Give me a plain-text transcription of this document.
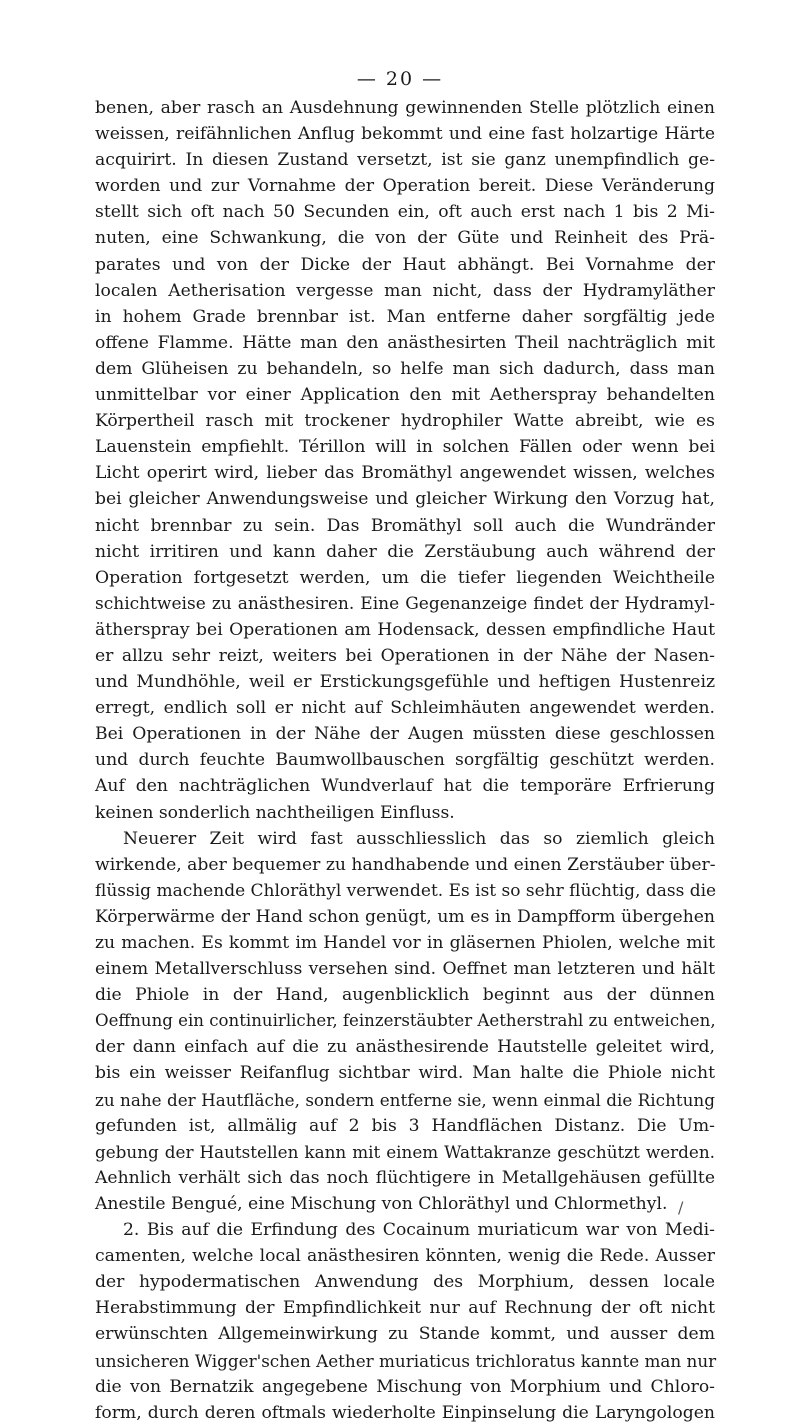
— 20 —
benen, aber rasch an Ausdehnung gewinnenden Stelle plötzlich einen
weissen, reifähnlichen Anflug bekommt und eine fast holzartige Härte
acquirirt. In diesen Zustand versetzt, ist sie ganz unempfindlich ge-
worden und zur Vornahme der Operation bereit. Diese Veränderung
stellt sich oft nach 50 Secunden ein, oft auch erst nach 1 bis 2 Mi-
nuten, eine Schwankung, die von der Güte und Reinheit des Prä-
parates und von der Dicke der Haut abhängt. Bei Vornahme der
localen Aetherisation vergesse man nicht, dass der Hydramyläther
in hohem Grade brennbar ist. Man entferne daher sorgfältig jede
offene Flamme. Hätte man den anästhesirten Theil nachträglich mit
dem Glüheisen zu behandeln, so helfe man sich dadurch, dass man
unmittelbar vor einer Application den mit Aetherspray behandelten
Körpertheil rasch mit trockener hydrophiler Watte abreibt, wie es
Lauenstein empfiehlt. Térillon will in solchen Fällen oder wenn bei
Licht operirt wird, lieber das Bromäthyl angewendet wissen, welches
bei gleicher Anwendungsweise und gleicher Wirkung den Vorzug hat,
nicht brennbar zu sein. Das Bromäthyl soll auch die Wundränder
nicht irritiren und kann daher die Zerstäubung auch während der
Operation fortgesetzt werden, um die tiefer liegenden Weichtheile
schichtweise zu anästhesiren. Eine Gegenanzeige findet der Hydramyl-
ätherspray bei Operationen am Hodensack, dessen empfindliche Haut
er allzu sehr reizt, weiters bei Operationen in der Nähe der Nasen-
und Mundhöhle, weil er Erstickungsgefühle und heftigen Hustenreiz
erregt, endlich soll er nicht auf Schleimhäuten angewendet werden.
Bei Operationen in der Nähe der Augen müssten diese geschlossen
und durch feuchte Baumwollbauschen sorgfältig geschützt werden.
Auf den nachträglichen Wundverlauf hat die temporäre Erfrierung
keinen sonderlich nachtheiligen Einfluss.
Neuerer Zeit wird fast ausschliesslich das so ziemlich gleich
wirkende, aber bequemer zu handhabende und einen Zerstäuber über-
flüssig machende Chloräthyl verwendet. Es ist so sehr flüchtig, dass die
Körperwärme der Hand schon genügt, um es in Dampfform übergehen
zu machen. Es kommt im Handel vor in gläsernen Phiolen, welche mit
einem Metallverschluss versehen sind. Oeffnet man letzteren und hält
die Phiole in der Hand, augenblicklich beginnt aus der dünnen
Oeffnung ein continuirlicher, feinzerstäubter Aetherstrahl zu entweichen,
der dann einfach auf die zu anästhesirende Hautstelle geleitet wird,
bis ein weisser Reifanflug sichtbar wird. Man halte die Phiole nicht
zu nahe der Hautfläche, sondern entferne sie, wenn einmal die Richtung
gefunden ist, allmälig auf 2 bis 3 Handflächen Distanz. Die Um-
gebung der Hautstellen kann mit einem Wattakranze geschützt werden.
Aehnlich verhält sich das noch flüchtigere in Metallgehäusen gefüllte
Anestile Bengué, eine Mischung von Chloräthyl und Chlormethyl.
2. Bis auf die Erfindung des Cocainum muriaticum war von Medi-
camenten, welche local anästhesiren könnten, wenig die Rede. Ausser
der hypodermatischen Anwendung des Morphium, dessen locale
Herabstimmung der Empfindlichkeit nur auf Rechnung der oft nicht
erwünschten Allgemeinwirkung zu Stande kommt, und ausser dem
unsicheren Wigger'schen Aether muriaticus trichloratus kannte man nur
die von Bernatzik angegebene Mischung von Morphium und Chloro-
form, durch deren oftmals wiederholte Einpinselung die Laryngologen
/
